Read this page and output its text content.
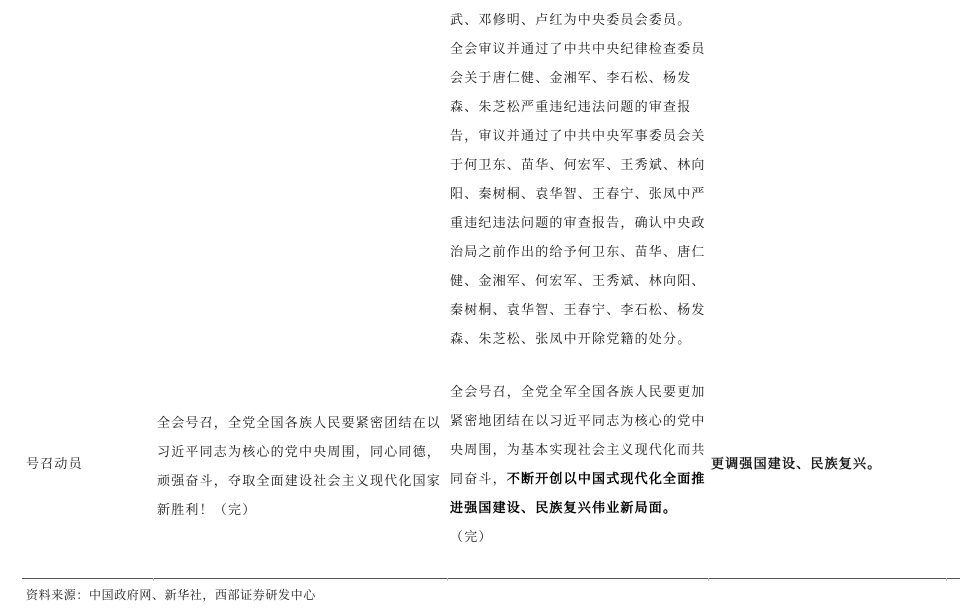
武、邓修明、卢红为中央委员会委员。
全会审议并通过了中共中央纪律检查委员
会关于唐仁健、金湘军、李石松、杨发
森、朱芝松严重违纪违法问题的审查报
告，审议并通过了中共中央军事委员会关
于何卫东、苗华、何宏军、王秀斌、林向
阳、秦树桐、袁华智、王春宁、张凤中严
重违纪违法问题的审查报告，确认中央政
治局之前作出的给予何卫东、苗华、唐仁
健、金湘军、何宏军、王秀斌、林向阳、
秦树桐、袁华智、王春宁、李石松、杨发
森、朱芝松、张凤中开除党籍的处分。
号召动员
全会号召，全党全国各族人民要紧密团结在以
习近平同志为核心的党中央周围，同心同德，
顽强奋斗，夺取全面建设社会主义现代化国家
新胜利！（完）
全会号召，全党全军全国各族人民要更加
紧密地团结在以习近平同志为核心的党中
央周围，为基本实现社会主义现代化而共
同奋斗，不断开创以中国式现代化全面推
进强国建设、民族复兴伟业新局面。
（完）
更调强国建设、民族复兴。
资料来源：中国政府网、新华社，西部证券研发中心
